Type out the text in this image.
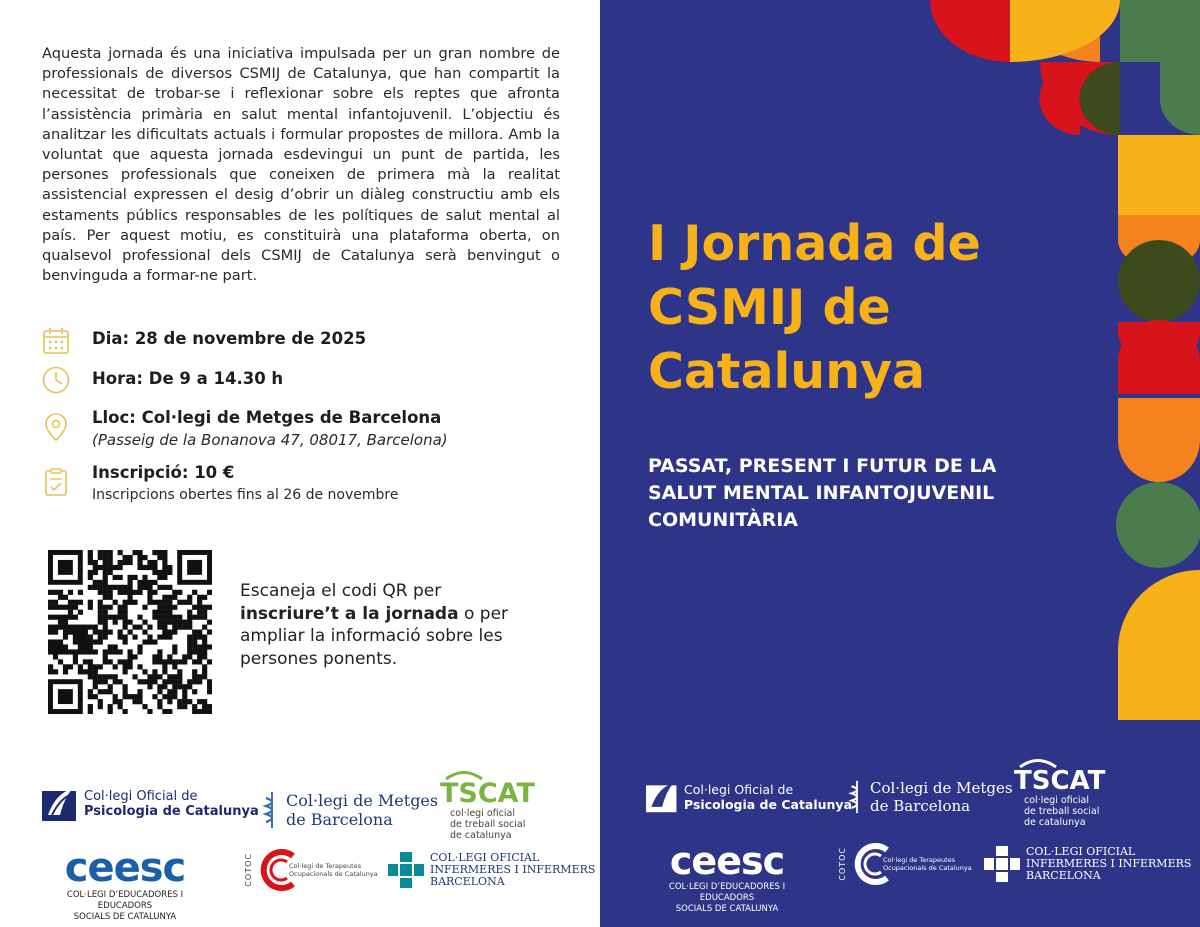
Aquesta jornada és una iniciativa impulsada per un gran nombre de professionals de diversos CSMIJ de Catalunya, que han compartit la necessitat de trobar-se i reflexionar sobre els reptes que afronta l’assistència primària en salut mental infantojuvenil. L’objectiu és analitzar les dificultats actuals i formular propostes de millora. Amb la voluntat que aquesta jornada esdevingui un punt de partida, les persones professionals que coneixen de primera mà la realitat assistencial expressen el desig d’obrir un diàleg constructiu amb els estaments públics responsables de les polítiques de salut mental al país. Per aquest motiu, es constituirà una plataforma oberta, on qualsevol professional dels CSMIJ de Catalunya serà benvingut o benvinguda a formar-ne part.

Dia: 28 de novembre de 2025
Hora: De 9 a 14.30 h
Lloc: Col·legi de Metges de Barcelona
(Passeig de la Bonanova 47, 08017, Barcelona)
Inscripció: 10 €
Inscripcions obertes fins al 26 de novembre

Escaneja el codi QR per inscriure’t a la jornada o per ampliar la informació sobre les persones ponents.

Col·legi Oficial de
Psicologia de Catalunya
Col·legi de Metges
de Barcelona
TSCAT
col·legi oficial
de treball social
de catalunya
ceesc
COL·LEGI D’EDUCADORES I EDUCADORS
SOCIALS DE CATALUNYA
COTOC	Col·legi de Terapeutes
Ocupacionals de Catalunya
COL·LEGI OFICIAL
INFERMERES I INFERMERS
BARCELONA
I Jornada de CSMIJ de Catalunya
PASSAT, PRESENT I FUTUR DE LA SALUT MENTAL INFANTOJUVENIL COMUNITÀRIA
Col·legi Oficial de
Psicologia de Catalunya
Col·legi de Metges
de Barcelona
TSCAT
col·legi oficial
de treball social
de catalunya
ceesc
COL·LEGI D’EDUCADORES I EDUCADORS
SOCIALS DE CATALUNYA
COTOC	Col·legi de Terapeutes
Ocupacionals de Catalunya
COL·LEGI OFICIAL
INFERMERES I INFERMERS
BARCELONA
